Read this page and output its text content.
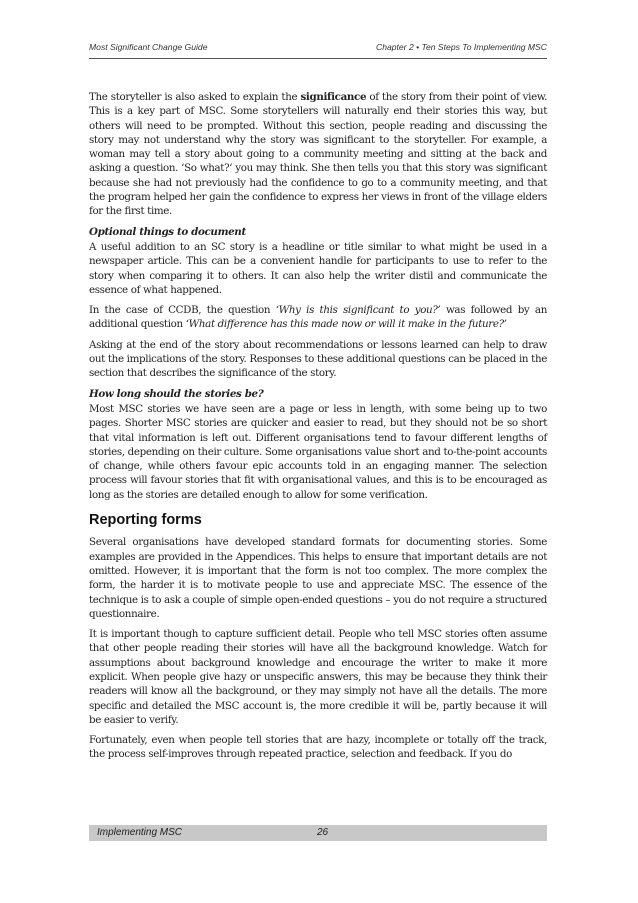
Most Significant Change Guide	Chapter 2 • Ten Steps To Implementing MSC

The storyteller is also asked to explain the significance of the story from their point of view. This is a key part of MSC. Some storytellers will naturally end their stories this way, but others will need to be prompted. Without this section, people reading and discussing the story may not understand why the story was significant to the storyteller. For example, a woman may tell a story about going to a community meeting and sitting at the back and asking a question. ‘So what?’ you may think. She then tells you that this story was significant because she had not previously had the confidence to go to a community meeting, and that the program helped her gain the confidence to express her views in front of the village elders for the first time.

Optional things to document

A useful addition to an SC story is a headline or title similar to what might be used in a newspaper article. This can be a convenient handle for participants to use to refer to the story when comparing it to others. It can also help the writer distil and communicate the essence of what happened.

In the case of CCDB, the question ‘Why is this significant to you?’ was followed by an additional question ‘What difference has this made now or will it make in the future?’

Asking at the end of the story about recommendations or lessons learned can help to draw out the implications of the story. Responses to these additional questions can be placed in the section that describes the significance of the story.

How long should the stories be?

Most MSC stories we have seen are a page or less in length, with some being up to two pages. Shorter MSC stories are quicker and easier to read, but they should not be so short that vital information is left out. Different organisations tend to favour different lengths of stories, depending on their culture. Some organisations value short and to-the-point accounts of change, while others favour epic accounts told in an engaging manner. The selection process will favour stories that fit with organisational values, and this is to be encouraged as long as the stories are detailed enough to allow for some verification.

Reporting forms

Several organisations have developed standard formats for documenting stories. Some examples are provided in the Appendices. This helps to ensure that important details are not omitted. However, it is important that the form is not too complex. The more complex the form, the harder it is to motivate people to use and appreciate MSC. The essence of the technique is to ask a couple of simple open-ended questions – you do not require a structured questionnaire.

It is important though to capture sufficient detail. People who tell MSC stories often assume that other people reading their stories will have all the background knowledge. Watch for assumptions about background knowledge and encourage the writer to make it more explicit. When people give hazy or unspecific answers, this may be because they think their readers will know all the background, or they may simply not have all the details. The more specific and detailed the MSC account is, the more credible it will be, partly because it will be easier to verify.

Fortunately, even when people tell stories that are hazy, incomplete or totally off the track, the process self-improves through repeated practice, selection and feedback. If you do

Implementing MSC	26
